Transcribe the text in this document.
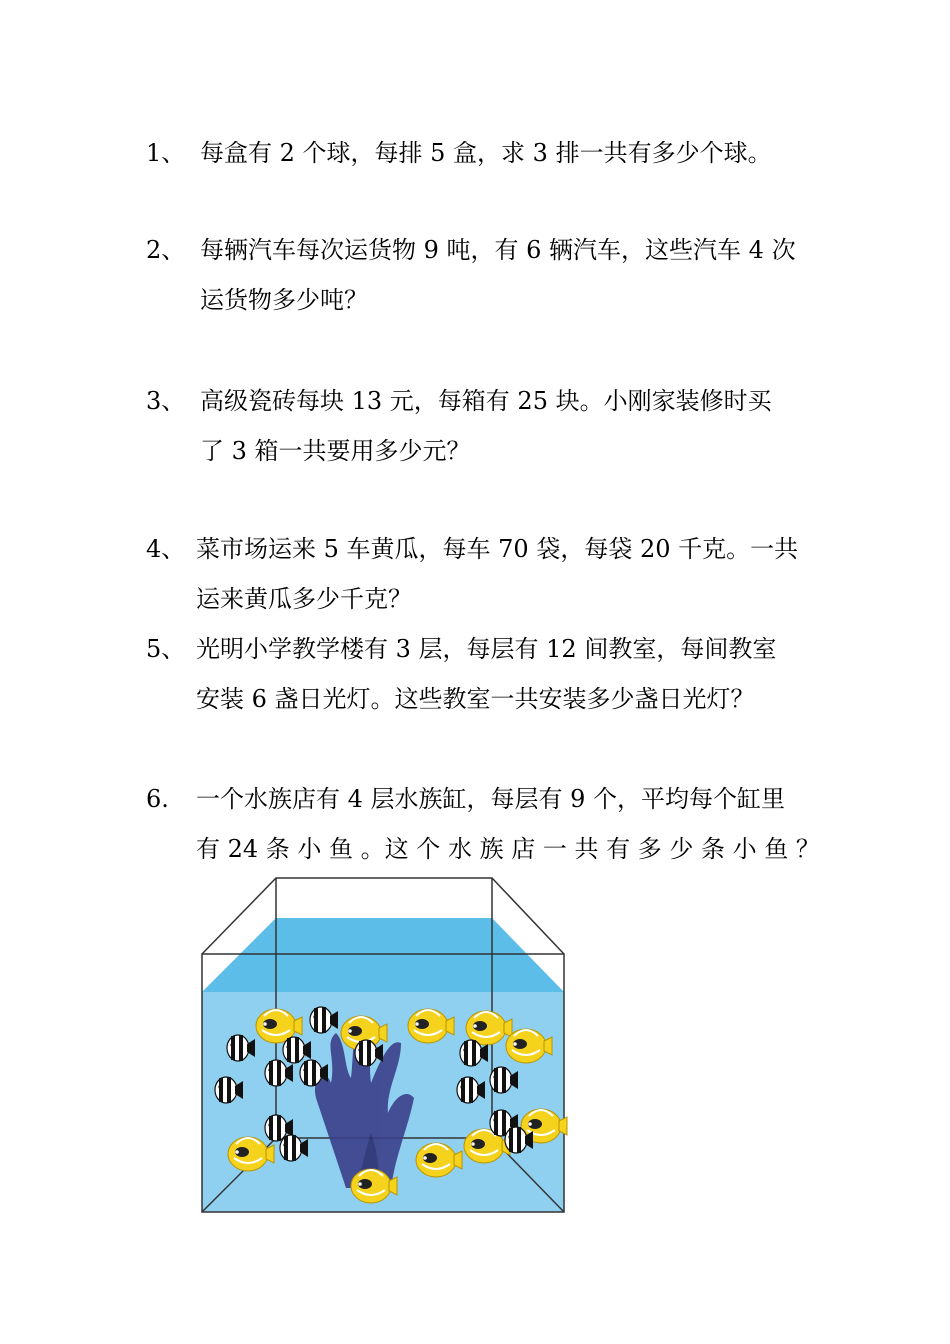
1、 每盒有 2 个球，每排 5 盒，求 3 排一共有多少个球。
2、 每辆汽车每次运货物 9 吨，有 6 辆汽车，这些汽车 4 次
运货物多少吨？
3、 高级瓷砖每块 13 元，每箱有 25 块。小刚家装修时买
了 3 箱一共要用多少元？
4、 菜市场运来 5 车黄瓜，每车 70 袋，每袋 20 千克。一共
运来黄瓜多少千克？
5、 光明小学教学楼有 3 层，每层有 12 间教室，每间教室
安装 6 盏日光灯。这些教室一共安装多少盏日光灯？
6. 一个水族店有 4 层水族缸，每层有 9 个，平均每个缸里
有 24 条 小 鱼 。这 个 水 族 店 一 共 有 多 少 条 小 鱼 ？
